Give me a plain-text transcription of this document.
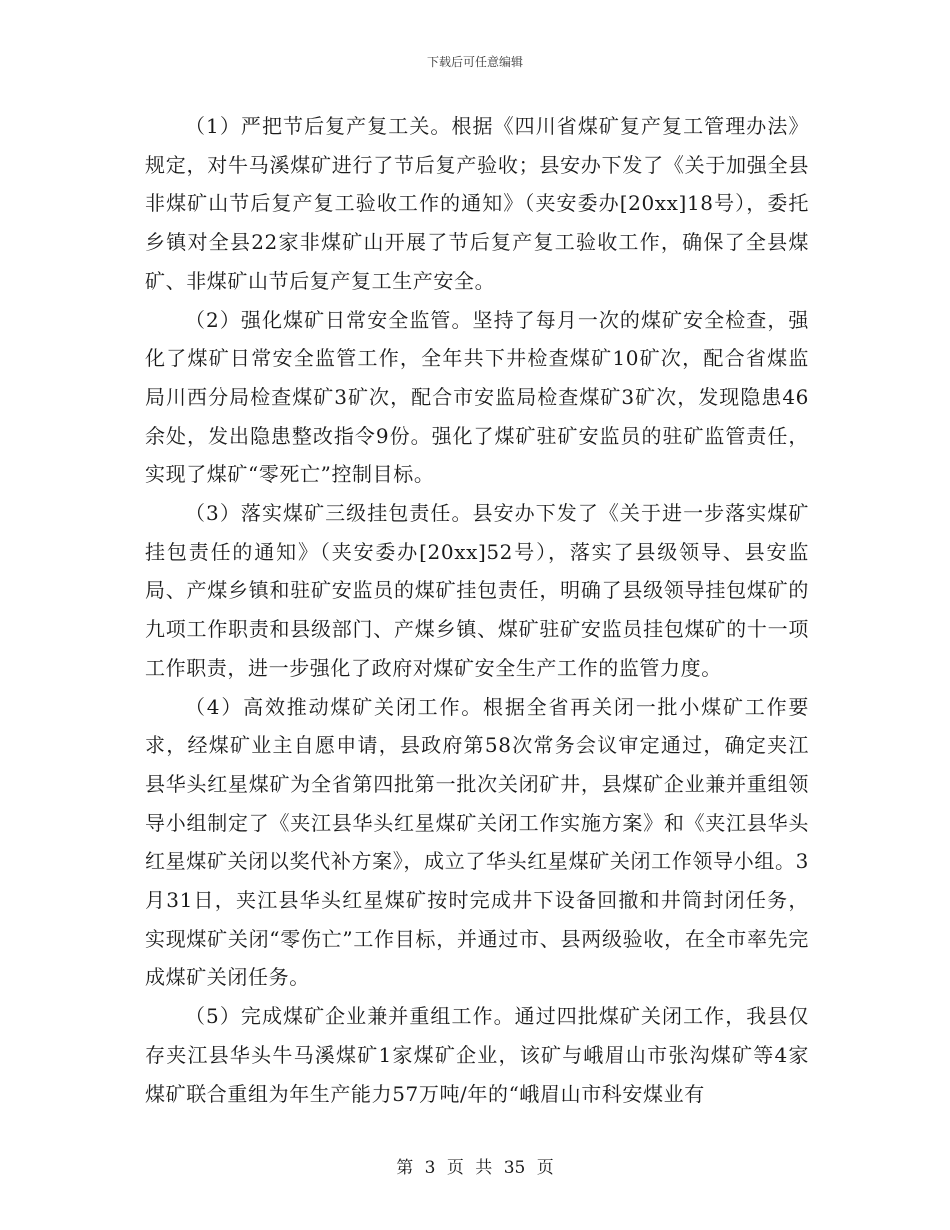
下载后可任意编辑

（1）严把节后复产复工关。根据《四川省煤矿复产复工管理办法》规定，对牛马溪煤矿进行了节后复产验收；县安办下发了《关于加强全县非煤矿山节后复产复工验收工作的通知》（夹安委办[20xx]18号），委托乡镇对全县22家非煤矿山开展了节后复产复工验收工作，确保了全县煤矿、非煤矿山节后复产复工生产安全。

（2）强化煤矿日常安全监管。坚持了每月一次的煤矿安全检查，强化了煤矿日常安全监管工作，全年共下井检查煤矿10矿次，配合省煤监局川西分局检查煤矿3矿次，配合市安监局检查煤矿3矿次，发现隐患46余处，发出隐患整改指令9份。强化了煤矿驻矿安监员的驻矿监管责任，实现了煤矿“零死亡”控制目标。

（3）落实煤矿三级挂包责任。县安办下发了《关于进一步落实煤矿挂包责任的通知》（夹安委办[20xx]52号），落实了县级领导、县安监局、产煤乡镇和驻矿安监员的煤矿挂包责任，明确了县级领导挂包煤矿的九项工作职责和县级部门、产煤乡镇、煤矿驻矿安监员挂包煤矿的十一项工作职责，进一步强化了政府对煤矿安全生产工作的监管力度。

（4）高效推动煤矿关闭工作。根据全省再关闭一批小煤矿工作要求，经煤矿业主自愿申请，县政府第58次常务会议审定通过，确定夹江县华头红星煤矿为全省第四批第一批次关闭矿井，县煤矿企业兼并重组领导小组制定了《夹江县华头红星煤矿关闭工作实施方案》和《夹江县华头红星煤矿关闭以奖代补方案》，成立了华头红星煤矿关闭工作领导小组。3月31日，夹江县华头红星煤矿按时完成井下设备回撤和井筒封闭任务，实现煤矿关闭“零伤亡”工作目标，并通过市、县两级验收，在全市率先完成煤矿关闭任务。

（5）完成煤矿企业兼并重组工作。通过四批煤矿关闭工作，我县仅存夹江县华头牛马溪煤矿1家煤矿企业，该矿与峨眉山市张沟煤矿等4家煤矿联合重组为年生产能力57万吨/年的“峨眉山市科安煤业有

第 3 页 共 35 页
